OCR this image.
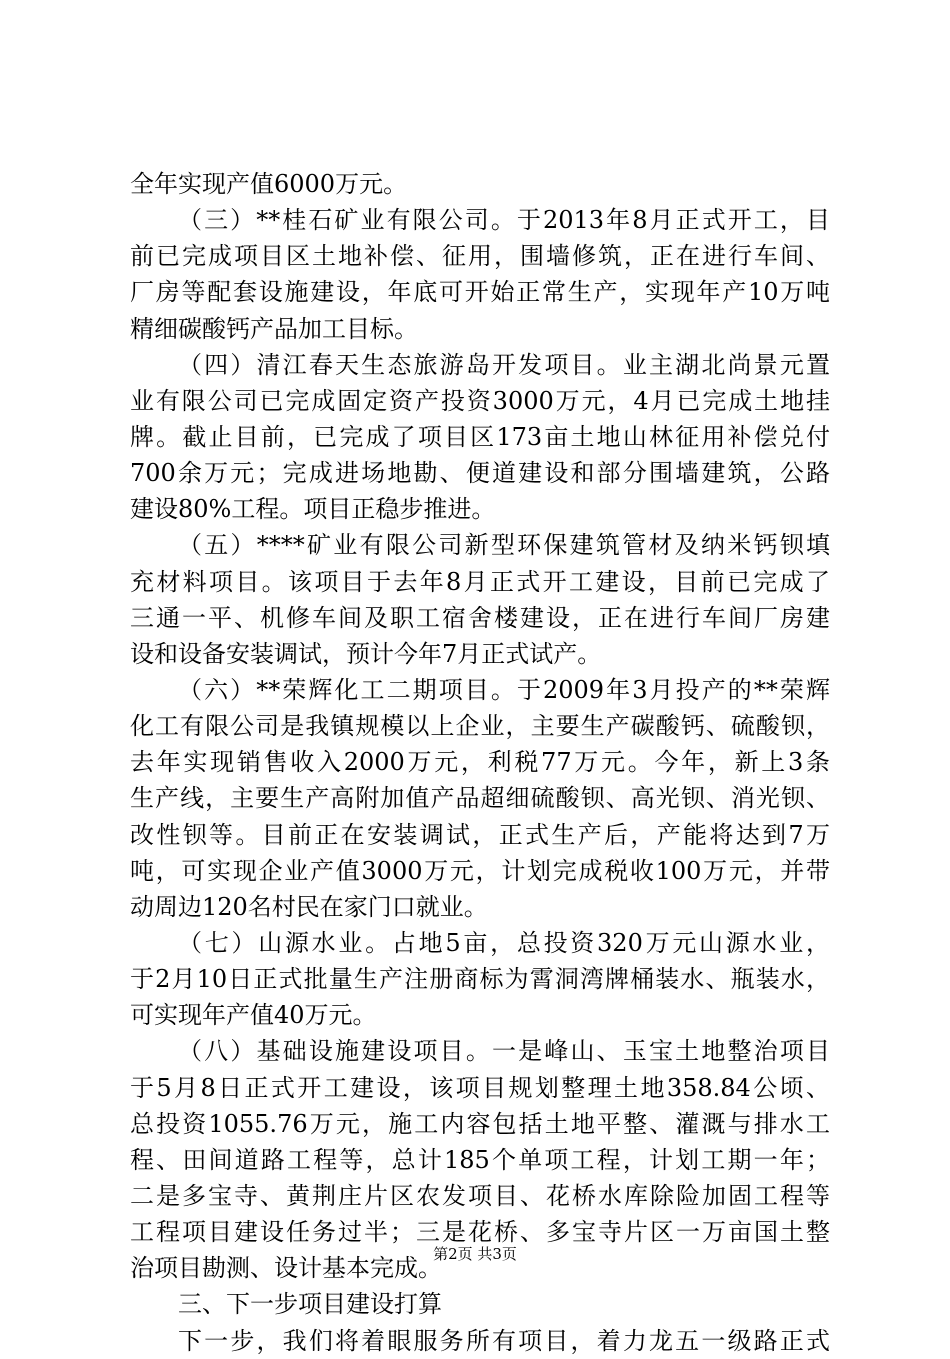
全年实现产值6000万元。
（三）**桂石矿业有限公司。于2013年8月正式开工，目
前已完成项目区土地补偿、征用，围墙修筑，正在进行车间、
厂房等配套设施建设，年底可开始正常生产，实现年产10万吨
精细碳酸钙产品加工目标。
（四）清江春天生态旅游岛开发项目。业主湖北尚景元置
业有限公司已完成固定资产投资3000万元，4月已完成土地挂
牌。截止目前，已完成了项目区173亩土地山林征用补偿兑付
700余万元；完成进场地勘、便道建设和部分围墙建筑，公路
建设80%工程。项目正稳步推进。
（五）****矿业有限公司新型环保建筑管材及纳米钙钡填
充材料项目。该项目于去年8月正式开工建设，目前已完成了
三通一平、机修车间及职工宿舍楼建设，正在进行车间厂房建
设和设备安装调试，预计今年7月正式试产。
（六）**荣辉化工二期项目。于2009年3月投产的**荣辉
化工有限公司是我镇规模以上企业，主要生产碳酸钙、硫酸钡，
去年实现销售收入2000万元，利税77万元。今年，新上3条
生产线，主要生产高附加值产品超细硫酸钡、高光钡、消光钡、
改性钡等。目前正在安装调试，正式生产后，产能将达到7万
吨，可实现企业产值3000万元，计划完成税收100万元，并带
动周边120名村民在家门口就业。
（七）山源水业。占地5亩，总投资320万元山源水业，
于2月10日正式批量生产注册商标为霄洞湾牌桶装水、瓶装水，
可实现年产值40万元。
（八）基础设施建设项目。一是峰山、玉宝土地整治项目
于5月8日正式开工建设，该项目规划整理土地358.84公顷、
总投资1055.76万元，施工内容包括土地平整、灌溉与排水工
程、田间道路工程等，总计185个单项工程，计划工期一年；
二是多宝寺、黄荆庄片区农发项目、花桥水库除险加固工程等
工程项目建设任务过半；三是花桥、多宝寺片区一万亩国土整
治项目勘测、设计基本完成。
三、下一步项目建设打算
下一步，我们将着眼服务所有项目，着力龙五一级路正式
第2页 共3页
